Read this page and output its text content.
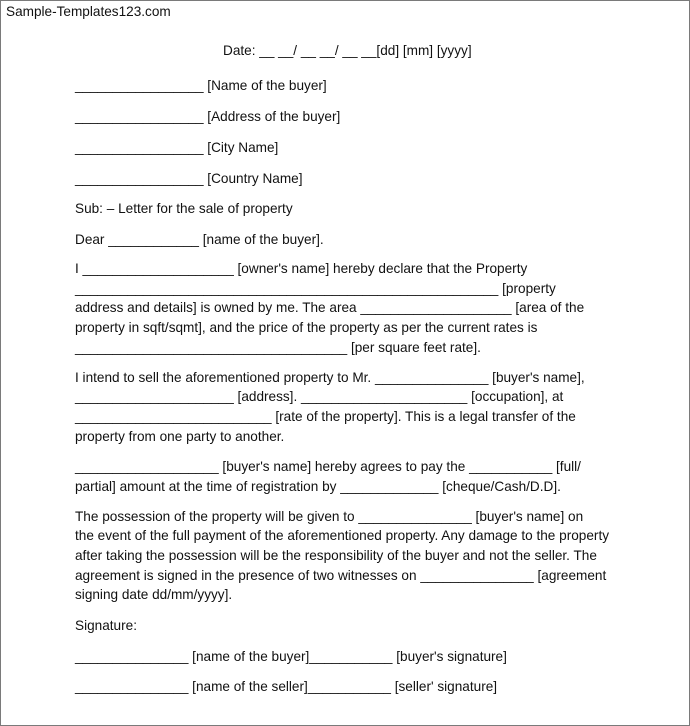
Sample-Templates123.com
Date: __ __/ __ __/ __ __[dd] [mm] [yyyy]
_________________ [Name of the buyer]
_________________ [Address of the buyer]
_________________ [City Name]
_________________ [Country Name]
Sub: – Letter for the sale of property
Dear ____________ [name of the buyer].
I ____________________ [owner's name] hereby declare that the Property
________________________________________________________ [property
address and details] is owned by me. The area ____________________ [area of the
property in sqft/sqmt], and the price of the property as per the current rates is
____________________________________ [per square feet rate].
I intend to sell the aforementioned property to Mr. _______________ [buyer's name],
_____________________ [address]. ______________________ [occupation], at
__________________________ [rate of the property]. This is a legal transfer of the
property from one party to another.
___________________ [buyer's name] hereby agrees to pay the ___________ [full/
partial] amount at the time of registration by _____________ [cheque/Cash/D.D].
The possession of the property will be given to _______________ [buyer's name] on
the event of the full payment of the aforementioned property. Any damage to the property
after taking the possession will be the responsibility of the buyer and not the seller. The
agreement is signed in the presence of two witnesses on _______________ [agreement
signing date dd/mm/yyyy].
Signature:
_______________ [name of the buyer]___________ [buyer's signature]
_______________ [name of the seller]___________ [seller' signature]
